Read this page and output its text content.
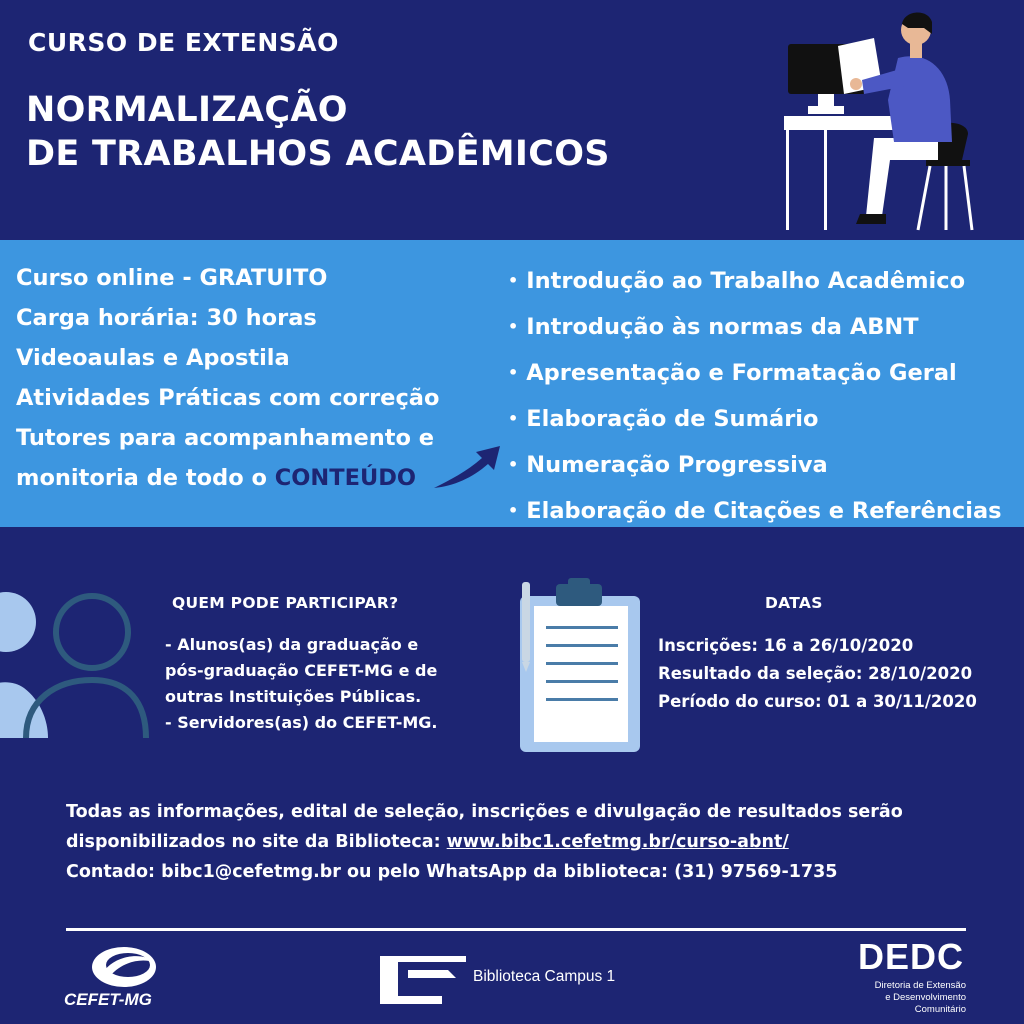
CURSO DE EXTENSÃO
NORMALIZAÇÃO
DE TRABALHOS ACADÊMICOS
Curso online - GRATUITO
Carga horária: 30 horas
Videoaulas e Apostila
Atividades Práticas com correção
Tutores para acompanhamento e
monitoria de todo o CONTEÚDO
• Introdução ao Trabalho Acadêmico
• Introdução às normas da ABNT
• Apresentação e Formatação Geral
• Elaboração de Sumário
• Numeração Progressiva
• Elaboração de Citações e Referências
QUEM PODE PARTICIPAR?
- Alunos(as) da graduação e
pós-graduação CEFET-MG e de
outras Instituições Públicas.
- Servidores(as) do CEFET-MG.
DATAS
Inscrições: 16 a 26/10/2020
Resultado da seleção: 28/10/2020
Período do curso: 01 a 30/11/2020
Todas as informações, edital de seleção, inscrições e divulgação de resultados serão
disponibilizados no site da Biblioteca: www.bibc1.cefetmg.br/curso-abnt/
Contado: bibc1@cefetmg.br ou pelo WhatsApp da biblioteca: (31) 97569-1735
CEFET-MG
Biblioteca Campus 1	DEDC
Diretoria de Extensão
e Desenvolvimento
Comunitário
